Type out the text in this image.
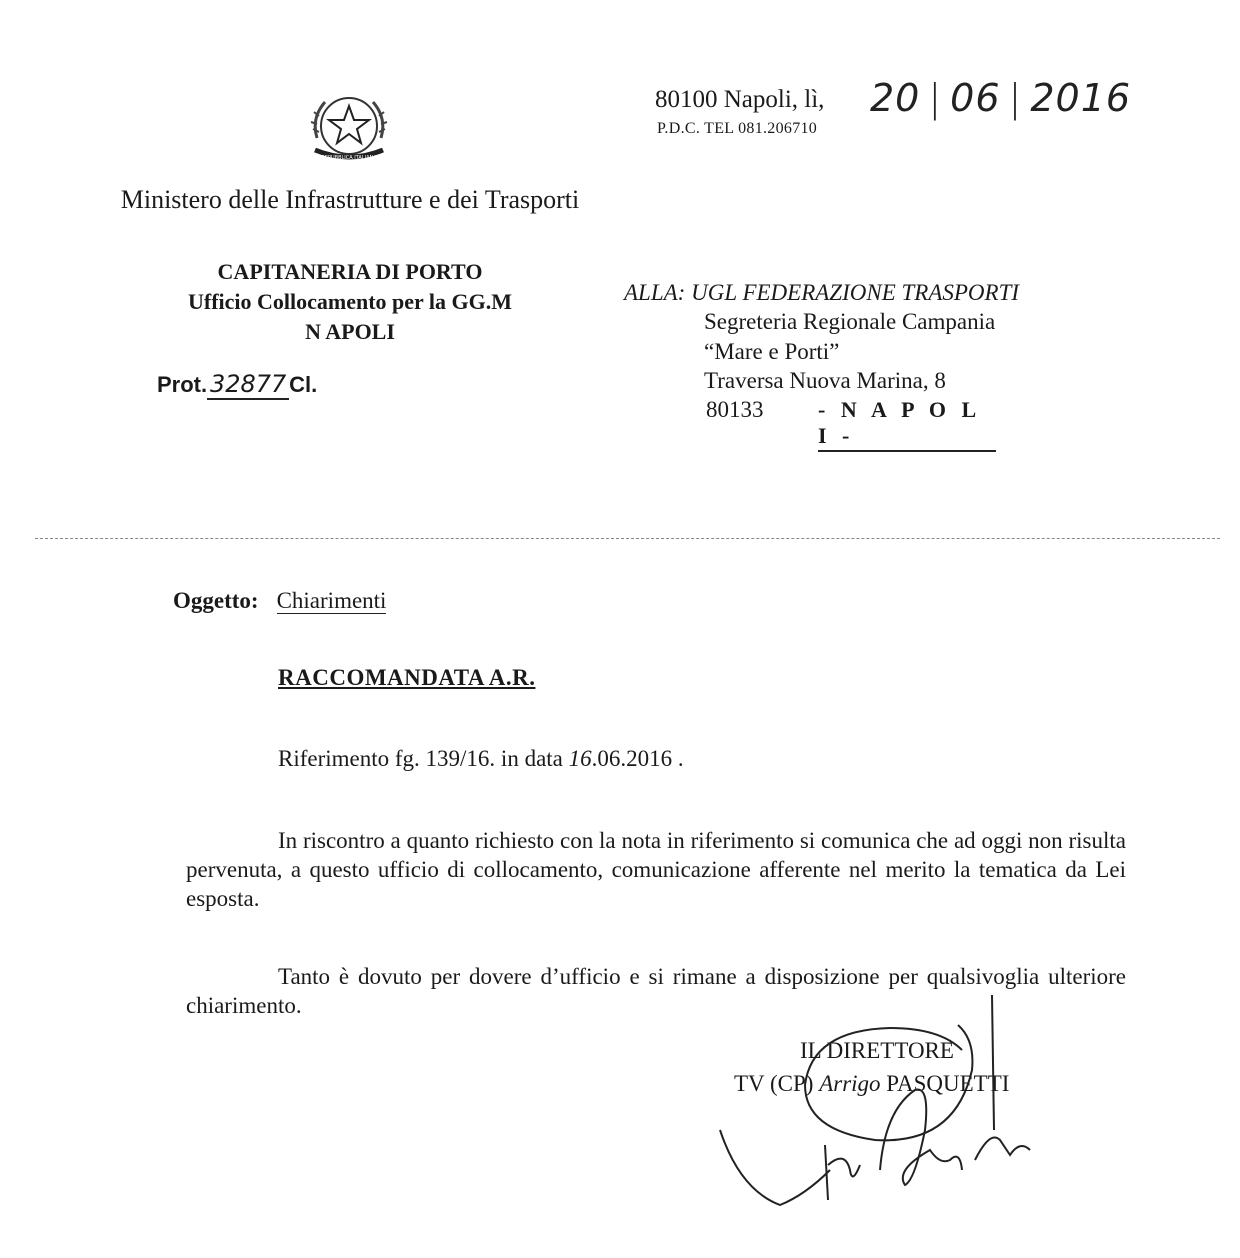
REPUBBLICA ITALIANA
Ministero delle Infrastrutture e dei Trasporti
CAPITANERIA DI PORTO
Ufficio Collocamento per la GG.M
N APOLI
Prot. 32877 Cl.
80100 Napoli, lì,
P.D.C. TEL 081.206710
20 | 06 | 2016
ALLA: UGL FEDERAZIONE TRASPORTI
Segreteria Regionale Campania
“Mare e Porti”
Traversa Nuova Marina, 8
80133 - N A P O L I -
Oggetto: Chiarimenti
RACCOMANDATA A.R.
Riferimento fg. 139/16. in data 16.06.2016 .
In riscontro a quanto richiesto con la nota in riferimento si comunica che ad oggi non risulta pervenuta, a questo ufficio di collocamento, comunicazione afferente nel merito la tematica da Lei esposta.
Tanto è dovuto per dovere d’ufficio e si rimane a disposizione per qualsivoglia ulteriore chiarimento.
IL DIRETTORE
TV (CP) Arrigo PASQUETTI
